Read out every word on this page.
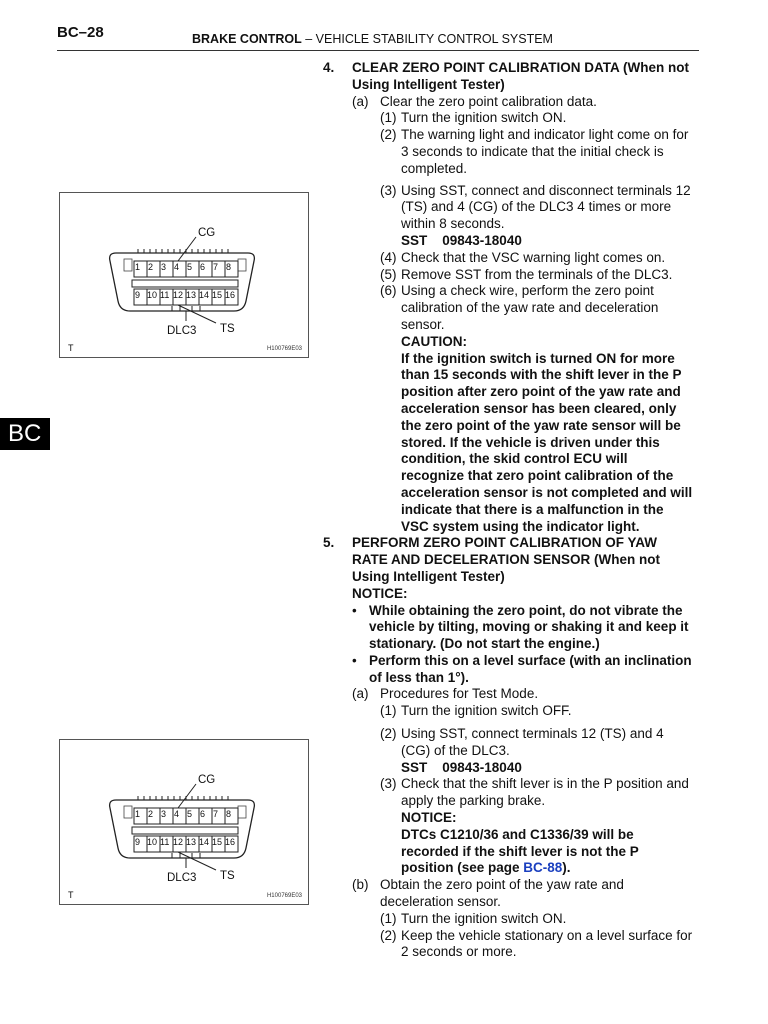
BC–28	BRAKE CONTROL – VEHICLE STABILITY CONTROL SYSTEM
BC
CG
DLC3 TS
1 2 3 4 5 6 7 8
9 10 11 12 13 14 15 16
T	H100769E03
CG
DLC3 TS
1 2 3 4 5 6 7 8
9 10 11 12 13 14 15 16
T	H100769E03
4. CLEAR ZERO POINT CALIBRATION DATA (When not
Using Intelligent Tester)
(a) Clear the zero point calibration data.
(1) Turn the ignition switch ON.
(2) The warning light and indicator light come on for
3 seconds to indicate that the initial check is
completed.
(3) Using SST, connect and disconnect terminals 12
(TS) and 4 (CG) of the DLC3 4 times or more
within 8 seconds.
SST    09843-18040
(4) Check that the VSC warning light comes on.
(5) Remove SST from the terminals of the DLC3.
(6) Using a check wire, perform the zero point
calibration of the yaw rate and deceleration
sensor.
CAUTION:
If the ignition switch is turned ON for more
than 15 seconds with the shift lever in the P
position after zero point of the yaw rate and
acceleration sensor has been cleared, only
the zero point of the yaw rate sensor will be
stored. If the vehicle is driven under this
condition, the skid control ECU will
recognize that zero point calibration of the
acceleration sensor is not completed and will
indicate that there is a malfunction in the
VSC system using the indicator light.
5. PERFORM ZERO POINT CALIBRATION OF YAW
RATE AND DECELERATION SENSOR (When not
Using Intelligent Tester)
NOTICE:
• While obtaining the zero point, do not vibrate the
vehicle by tilting, moving or shaking it and keep it
stationary. (Do not start the engine.)
• Perform this on a level surface (with an inclination
of less than 1°).
(a) Procedures for Test Mode.
(1) Turn the ignition switch OFF.
(2) Using SST, connect terminals 12 (TS) and 4
(CG) of the DLC3.
SST    09843-18040
(3) Check that the shift lever is in the P position and
apply the parking brake.
NOTICE:
DTCs C1210/36 and C1336/39 will be
recorded if the shift lever is not the P
position (see page BC-88).
(b) Obtain the zero point of the yaw rate and
deceleration sensor.
(1) Turn the ignition switch ON.
(2) Keep the vehicle stationary on a level surface for
2 seconds or more.
